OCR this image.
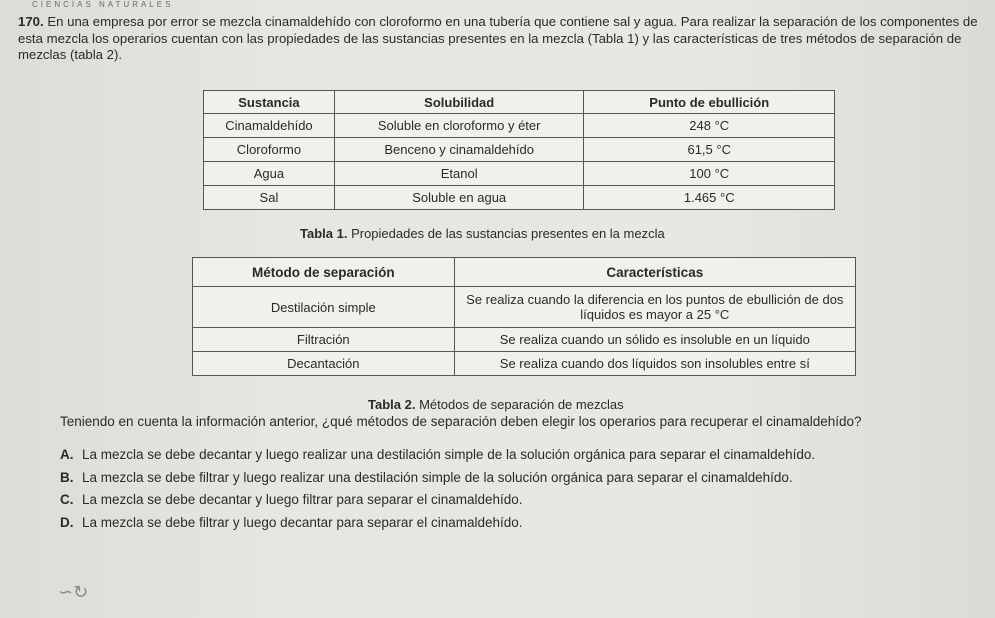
CIENCIAS NATURALES
170. En una empresa por error se mezcla cinamaldehído con cloroformo en una tubería que contiene sal y agua. Para realizar la separación de los componentes de esta mezcla los operarios cuentan con las propiedades de las sustancias presentes en la mezcla (Tabla 1) y las características de tres métodos de separación de mezclas (tabla 2).
Sustancia	Solubilidad	Punto de ebullición
Cinamaldehído	Soluble en cloroformo y éter	248 °C
Cloroformo	Benceno y cinamaldehído	61,5 °C
Agua	Etanol	100 °C
Sal	Soluble en agua	1.465 °C
Tabla 1. Propiedades de las sustancias presentes en la mezcla
Método de separación	Características
Destilación simple	Se realiza cuando la diferencia en los puntos de ebullición de dos líquidos es mayor a 25 °C
Filtración	Se realiza cuando un sólido es insoluble en un líquido
Decantación	Se realiza cuando dos líquidos son insolubles entre sí
Tabla 2. Métodos de separación de mezclas
Teniendo en cuenta la información anterior, ¿qué métodos de separación deben elegir los operarios para recuperar el cinamaldehído?
A. La mezcla se debe decantar y luego realizar una destilación simple de la solución orgánica para separar el cinamaldehído.
B. La mezcla se debe filtrar y luego realizar una destilación simple de la solución orgánica para separar el cinamaldehído.
C. La mezcla se debe decantar y luego filtrar para separar el cinamaldehído.
D. La mezcla se debe filtrar y luego decantar para separar el cinamaldehído.
∽↻
